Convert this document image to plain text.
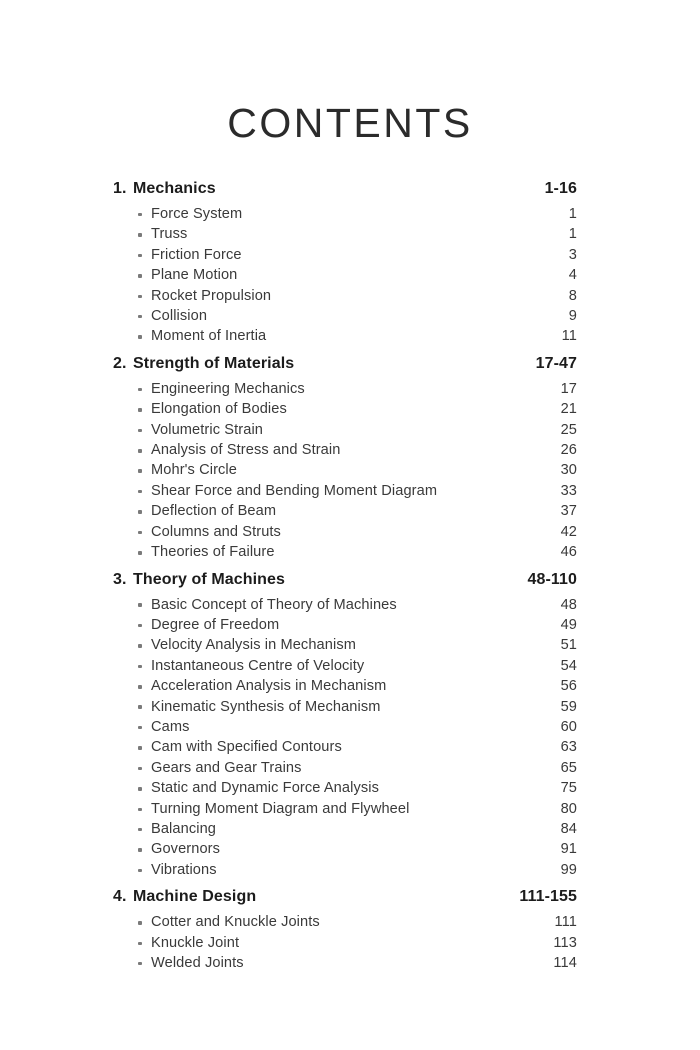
CONTENTS
1. Mechanics	1-16
Force System	1
Truss	1
Friction Force	3
Plane Motion	4
Rocket Propulsion	8
Collision	9
Moment of Inertia	11
2. Strength of Materials	17-47
Engineering Mechanics	17
Elongation of Bodies	21
Volumetric Strain	25
Analysis of Stress and Strain	26
Mohr's Circle	30
Shear Force and Bending Moment Diagram	33
Deflection of Beam	37
Columns and Struts	42
Theories of Failure	46
3. Theory of Machines	48-110
Basic Concept of Theory of Machines	48
Degree of Freedom	49
Velocity Analysis in Mechanism	51
Instantaneous Centre of Velocity	54
Acceleration Analysis in Mechanism	56
Kinematic Synthesis of Mechanism	59
Cams	60
Cam with Specified Contours	63
Gears and Gear Trains	65
Static and Dynamic Force Analysis	75
Turning Moment Diagram and Flywheel	80
Balancing	84
Governors	91
Vibrations	99
4. Machine Design	111-155
Cotter and Knuckle Joints	111
Knuckle Joint	113
Welded Joints	114
